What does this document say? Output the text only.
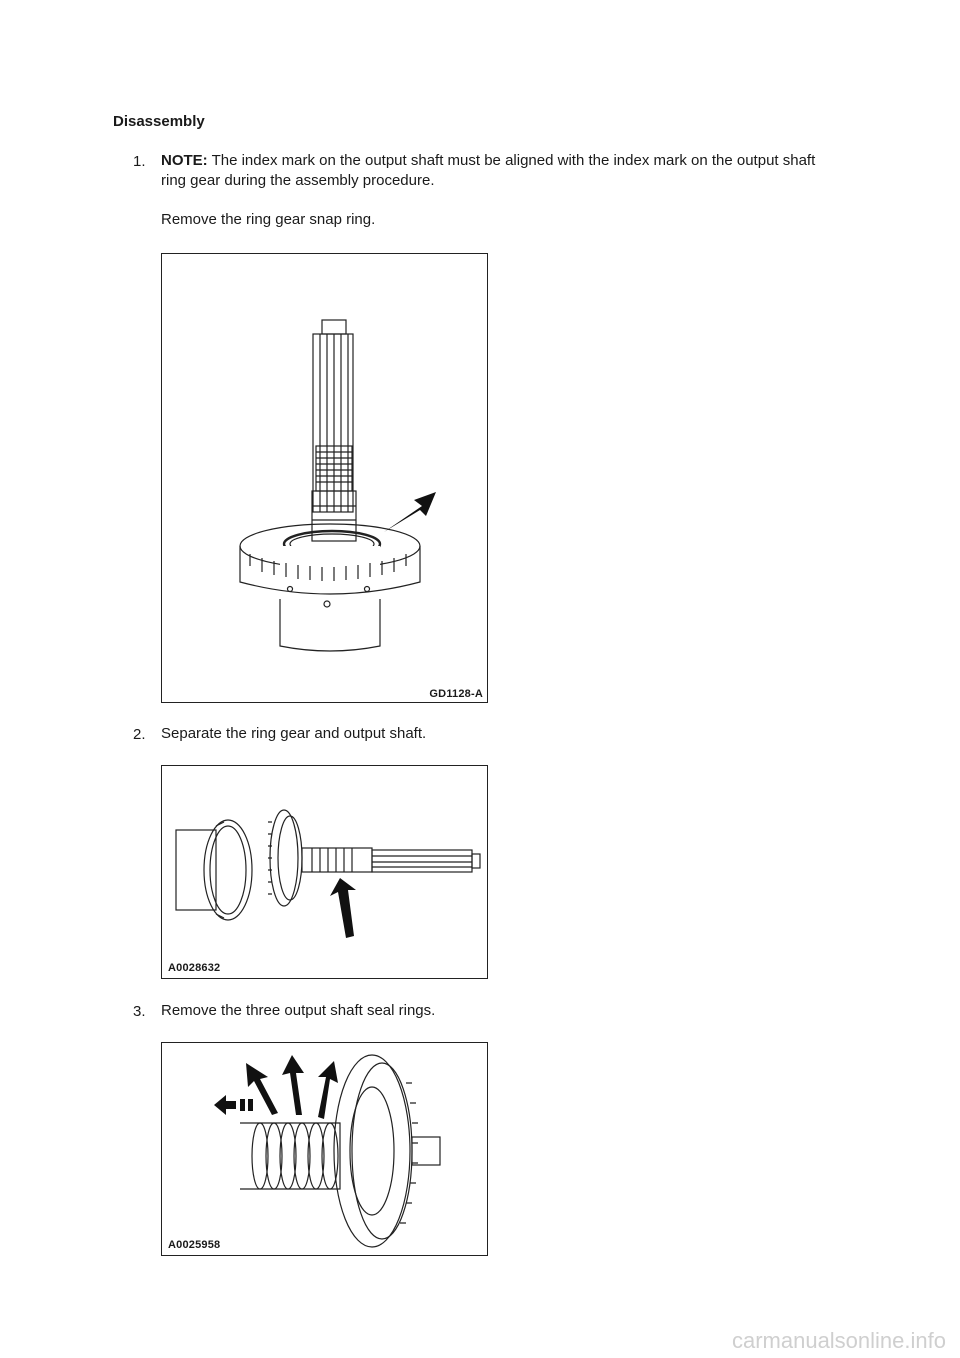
Disassembly
1. NOTE: The index mark on the output shaft must be aligned with the index mark on the output shaft ring gear during the assembly procedure.
Remove the ring gear snap ring.
GD1128-A
2. Separate the ring gear and output shaft.
A0028632
3. Remove the three output shaft seal rings.
A0025958
carmanualsonline.info
